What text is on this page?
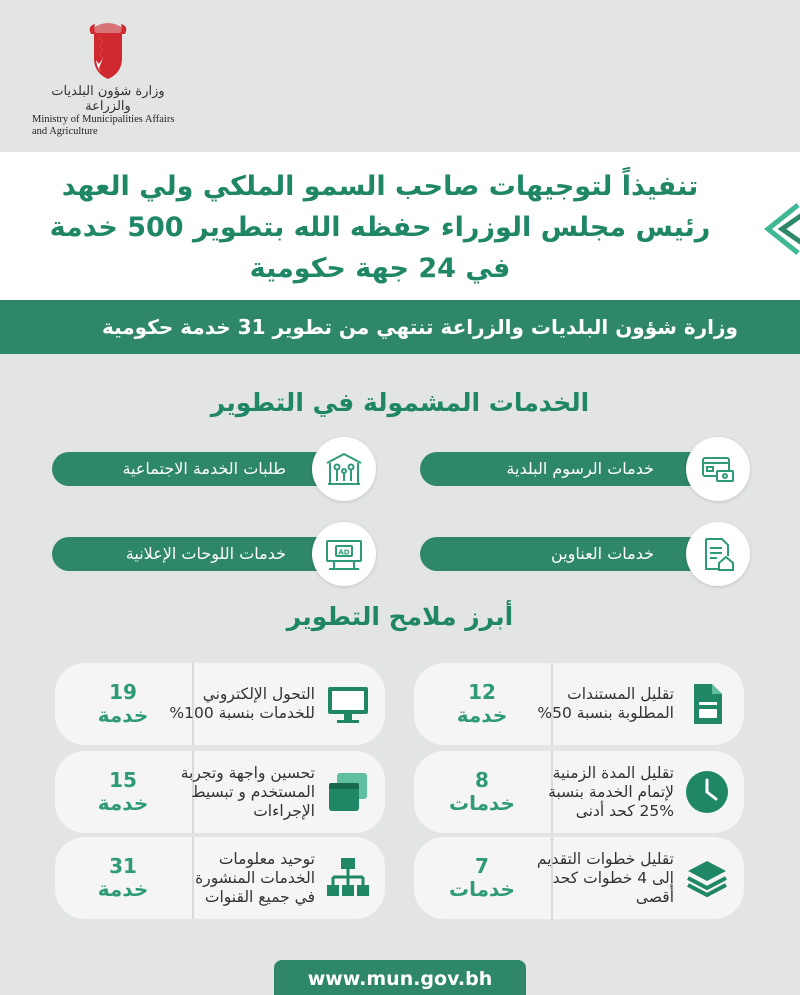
وزارة شؤون البلديات والزراعة
Ministry of Municipalities Affairs
and Agriculture
تنفيذاً لتوجيهات صاحب السمو الملكي ولي العهد
رئيس مجلس الوزراء حفظه الله بتطوير 500 خدمة
في 24 جهة حكومية
وزارة شؤون البلديات والزراعة تنتهي من تطوير 31 خدمة حكومية
الخدمات المشمولة في التطوير
خدمات الرسوم البلدية
طلبات الخدمة الاجتماعية
خدمات العناوين
خدمات اللوحات الإعلانية	AD
أبرز ملامح التطوير
12
خدمة
تقليل المستندات
المطلوبة بنسبة 50%
19
خدمة
التحول الإلكتروني
للخدمات بنسبة 100%
8
خدمات
تقليل المدة الزمنية
لإتمام الخدمة بنسبة
25% كحد أدنى
15
خدمة
تحسين واجهة وتجربة
المستخدم و تبسيط
الإجراءات
7
خدمات
تقليل خطوات التقديم
إلى 4 خطوات كحد
أقصى
31
خدمة
توحيد معلومات
الخدمات المنشورة
في جميع القنوات
www.mun.gov.bh
